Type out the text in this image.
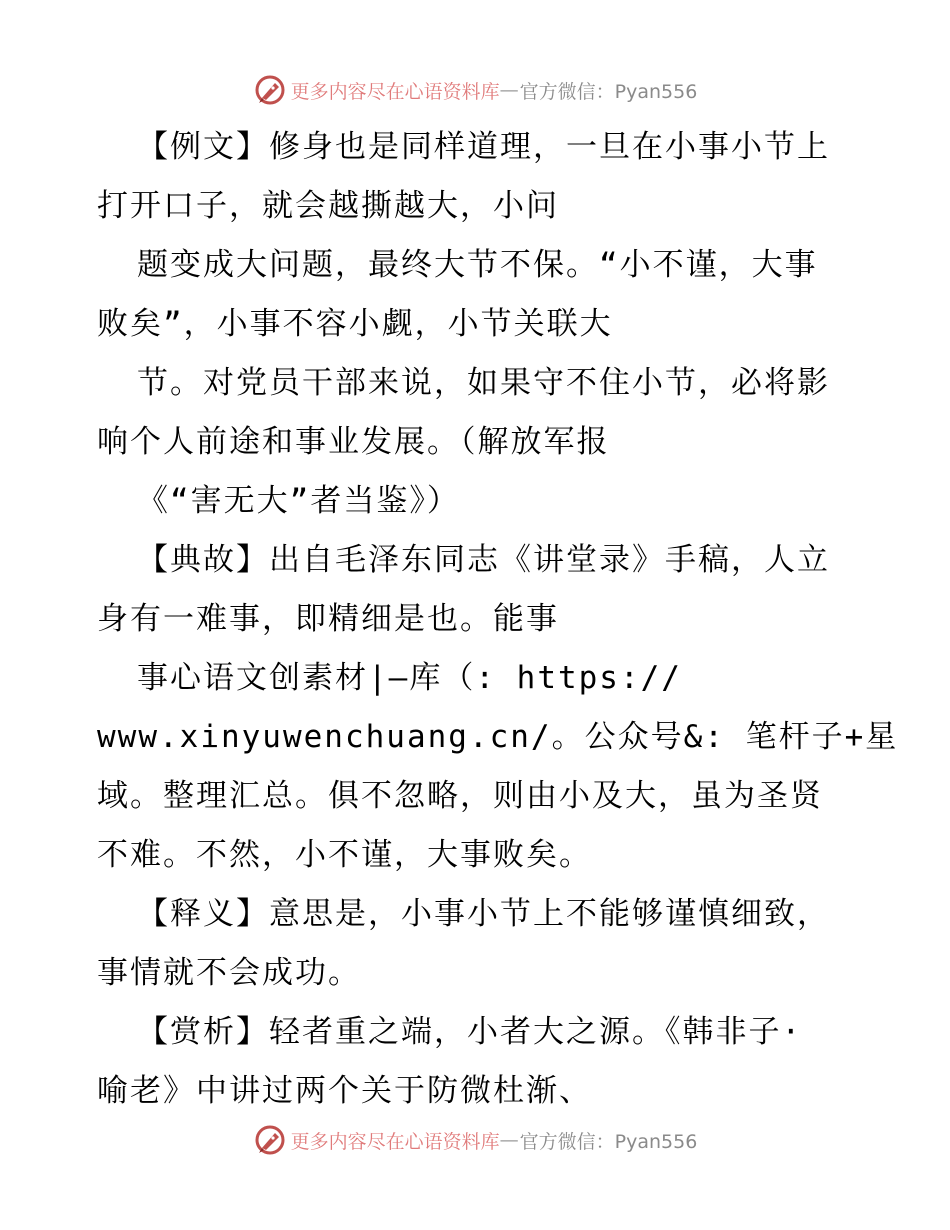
更多内容尽在心语资料库 — 官方微信：Pyan556
【例文】修身也是同样道理，一旦在小事小节上
打开口子，就会越撕越大，小问
题变成大问题，最终大节不保。“小不谨，大事
败矣”，小事不容小觑，小节关联大
节。对党员干部来说，如果守不住小节，必将影
响个人前途和事业发展。（解放军报
《“害无大”者当鉴》）
【典故】出自毛泽东同志《讲堂录》手稿，人立
身有一难事，即精细是也。能事
事心语文创素材|—库（: https://
www.xinyuwenchuang.cn/。公众号&: 笔杆子+星
域。整理汇总。俱不忽略，则由小及大，虽为圣贤
不难。不然，小不谨，大事败矣。
【释义】意思是，小事小节上不能够谨慎细致，
事情就不会成功。
【赏析】轻者重之端，小者大之源。《韩非子·
喻老》中讲过两个关于防微杜渐、
更多内容尽在心语资料库 — 官方微信：Pyan556
